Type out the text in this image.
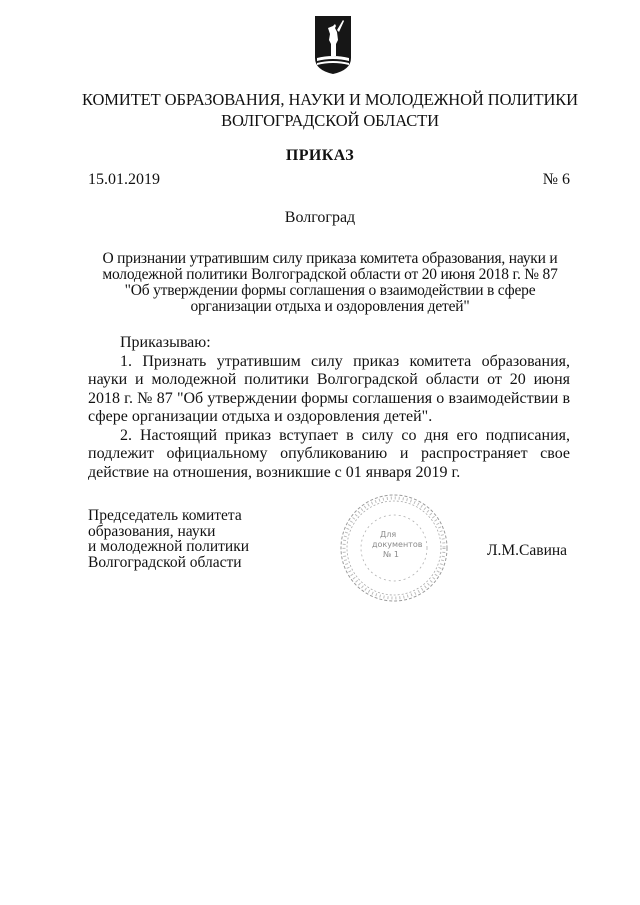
КОМИТЕТ ОБРАЗОВАНИЯ, НАУКИ И МОЛОДЕЖНОЙ ПОЛИТИКИ
ВОЛГОГРАДСКОЙ ОБЛАСТИ
ПРИКАЗ
15.01.2019	№ 6
Волгоград
О признании утратившим силу приказа комитета образования, науки и
молодежной политики Волгоградской области от 20 июня 2018 г. № 87
"Об утверждении формы соглашения о взаимодействии в сфере
организации отдыха и оздоровления детей"

Приказываю:

1. Признать утратившим силу приказ комитета образования, науки и молодежной политики Волгоградской области от 20 июня 2018 г. № 87 "Об утверждении формы соглашения о взаимодействии в сфере организации отдыха и оздоровления детей".

2. Настоящий приказ вступает в силу со дня его подписания, подлежит официальному опубликованию и распространяет свое действие на отношения, возникшие с 01 января 2019 г.

Председатель комитета
образования, науки
и молодежной политики
Волгоградской области
Для
документов
№ 1	Л.М.Савина
